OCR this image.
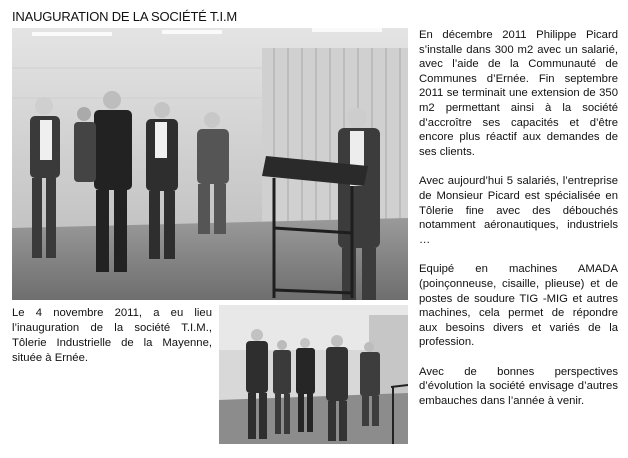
INAUGURATION DE LA SOCIÉTÉ T.I.M

Le 4 novembre 2011, a eu lieu l’inauguration de la société T.I.M., Tôlerie Industrielle de la Mayenne, située à Ernée.

En décembre 2011 Philippe Picard s’installe dans 300 m2 avec un salarié, avec l’aide de la Communauté de Communes d’Ernée. Fin septembre 2011 se terminait une extension de 350 m2 permettant ainsi à la société d’accroître ses capacités et d’être encore plus réactif aux demandes de ses clients.

Avec aujourd’hui 5 salariés, l’entreprise de Monsieur Picard est spécialisée en Tôlerie fine avec des débouchés notamment aéronautiques, industriels …

Equipé en machines AMADA (poinçonneuse, cisaille, plieuse) et de postes de soudure TIG -MIG et autres machines, cela permet de répondre aux besoins divers et variés de la profession.

Avec de bonnes perspectives d’évolution la société envisage d’autres embauches dans l’année à venir.
